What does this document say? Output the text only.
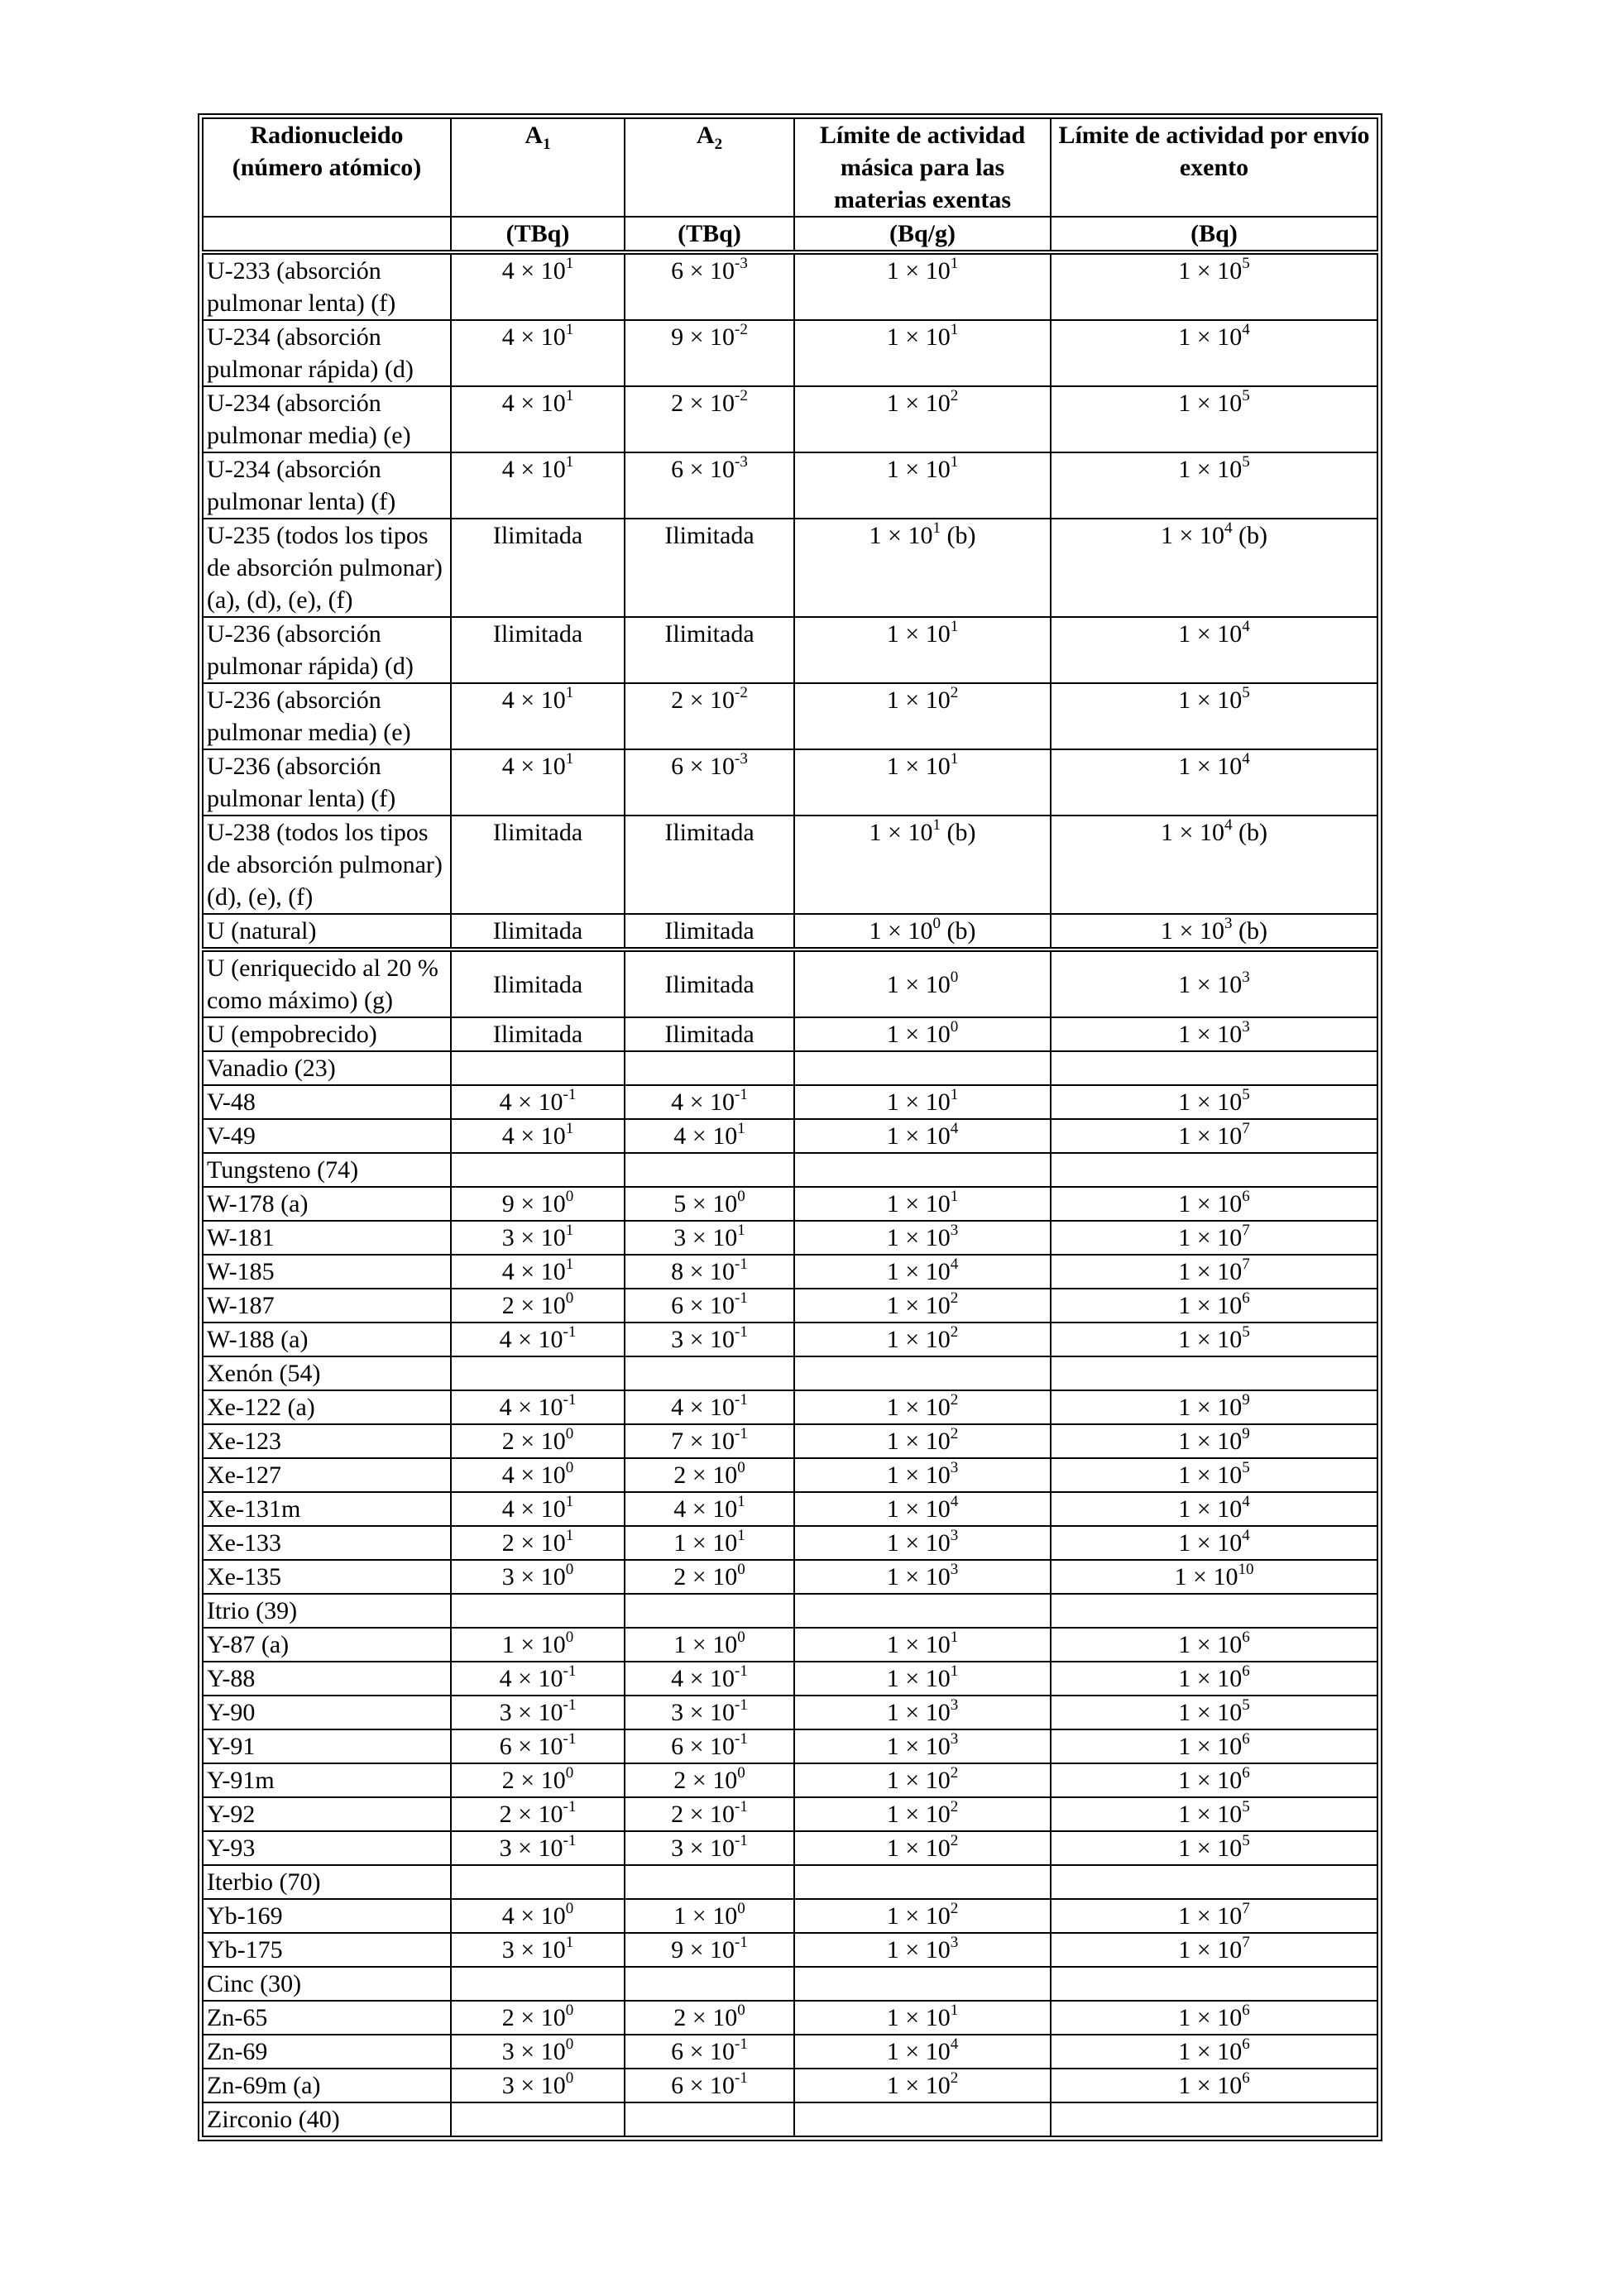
Radionucleido (número atómico)	$A_1$	$A_2$	Límite de actividad másica para las materias exentas	Límite de actividad por envío exento
	(TBq)	(TBq)	(Bq/g)	(Bq)
U-233 (absorción pulmonar lenta) (f)	$4 \times 10^1$	$6 \times 10^{-3}$	$1 \times 10^1$	$1 \times 10^5$
U-234 (absorción pulmonar rápida) (d)	$4 \times 10^1$	$9 \times 10^{-2}$	$1 \times 10^1$	$1 \times 10^4$
U-234 (absorción pulmonar media) (e)	$4 \times 10^1$	$2 \times 10^{-2}$	$1 \times 10^2$	$1 \times 10^5$
U-234 (absorción pulmonar lenta) (f)	$4 \times 10^1$	$6 \times 10^{-3}$	$1 \times 10^1$	$1 \times 10^5$
U-235 (todos los tipos de absorción pulmonar) (a), (d), (e), (f)	Ilimitada	Ilimitada	$1 \times 10^1$ (b)	$1 \times 10^4$ (b)
U-236 (absorción pulmonar rápida) (d)	Ilimitada	Ilimitada	$1 \times 10^1$	$1 \times 10^4$
U-236 (absorción pulmonar media) (e)	$4 \times 10^1$	$2 \times 10^{-2}$	$1 \times 10^2$	$1 \times 10^5$
U-236 (absorción pulmonar lenta) (f)	$4 \times 10^1$	$6 \times 10^{-3}$	$1 \times 10^1$	$1 \times 10^4$
U-238 (todos los tipos de absorción pulmonar) (d), (e), (f)	Ilimitada	Ilimitada	$1 \times 10^1$ (b)	$1 \times 10^4$ (b)
U (natural)	Ilimitada	Ilimitada	$1 \times 10^0$ (b)	$1 \times 10^3$ (b)
U (enriquecido al 20 % como máximo) (g)	Ilimitada	Ilimitada	$1 \times 10^0$	$1 \times 10^3$
U (empobrecido)	Ilimitada	Ilimitada	$1 \times 10^0$	$1 \times 10^3$
Vanadio (23)				
V-48	$4 \times 10^{-1}$	$4 \times 10^{-1}$	$1 \times 10^1$	$1 \times 10^5$
V-49	$4 \times 10^1$	$4 \times 10^1$	$1 \times 10^4$	$1 \times 10^7$
Tungsteno (74)				
W-178 (a)	$9 \times 10^0$	$5 \times 10^0$	$1 \times 10^1$	$1 \times 10^6$
W-181	$3 \times 10^1$	$3 \times 10^1$	$1 \times 10^3$	$1 \times 10^7$
W-185	$4 \times 10^1$	$8 \times 10^{-1}$	$1 \times 10^4$	$1 \times 10^7$
W-187	$2 \times 10^0$	$6 \times 10^{-1}$	$1 \times 10^2$	$1 \times 10^6$
W-188 (a)	$4 \times 10^{-1}$	$3 \times 10^{-1}$	$1 \times 10^2$	$1 \times 10^5$
Xenón (54)				
Xe-122 (a)	$4 \times 10^{-1}$	$4 \times 10^{-1}$	$1 \times 10^2$	$1 \times 10^9$
Xe-123	$2 \times 10^0$	$7 \times 10^{-1}$	$1 \times 10^2$	$1 \times 10^9$
Xe-127	$4 \times 10^0$	$2 \times 10^0$	$1 \times 10^3$	$1 \times 10^5$
Xe-131m	$4 \times 10^1$	$4 \times 10^1$	$1 \times 10^4$	$1 \times 10^4$
Xe-133	$2 \times 10^1$	$1 \times 10^1$	$1 \times 10^3$	$1 \times 10^4$
Xe-135	$3 \times 10^0$	$2 \times 10^0$	$1 \times 10^3$	$1 \times 10^{10}$
Itrio (39)				
Y-87 (a)	$1 \times 10^0$	$1 \times 10^0$	$1 \times 10^1$	$1 \times 10^6$
Y-88	$4 \times 10^{-1}$	$4 \times 10^{-1}$	$1 \times 10^1$	$1 \times 10^6$
Y-90	$3 \times 10^{-1}$	$3 \times 10^{-1}$	$1 \times 10^3$	$1 \times 10^5$
Y-91	$6 \times 10^{-1}$	$6 \times 10^{-1}$	$1 \times 10^3$	$1 \times 10^6$
Y-91m	$2 \times 10^0$	$2 \times 10^0$	$1 \times 10^2$	$1 \times 10^6$
Y-92	$2 \times 10^{-1}$	$2 \times 10^{-1}$	$1 \times 10^2$	$1 \times 10^5$
Y-93	$3 \times 10^{-1}$	$3 \times 10^{-1}$	$1 \times 10^2$	$1 \times 10^5$
Iterbio (70)				
Yb-169	$4 \times 10^0$	$1 \times 10^0$	$1 \times 10^2$	$1 \times 10^7$
Yb-175	$3 \times 10^1$	$9 \times 10^{-1}$	$1 \times 10^3$	$1 \times 10^7$
Cinc (30)				
Zn-65	$2 \times 10^0$	$2 \times 10^0$	$1 \times 10^1$	$1 \times 10^6$
Zn-69	$3 \times 10^0$	$6 \times 10^{-1}$	$1 \times 10^4$	$1 \times 10^6$
Zn-69m (a)	$3 \times 10^0$	$6 \times 10^{-1}$	$1 \times 10^2$	$1 \times 10^6$
Zirconio (40)				
